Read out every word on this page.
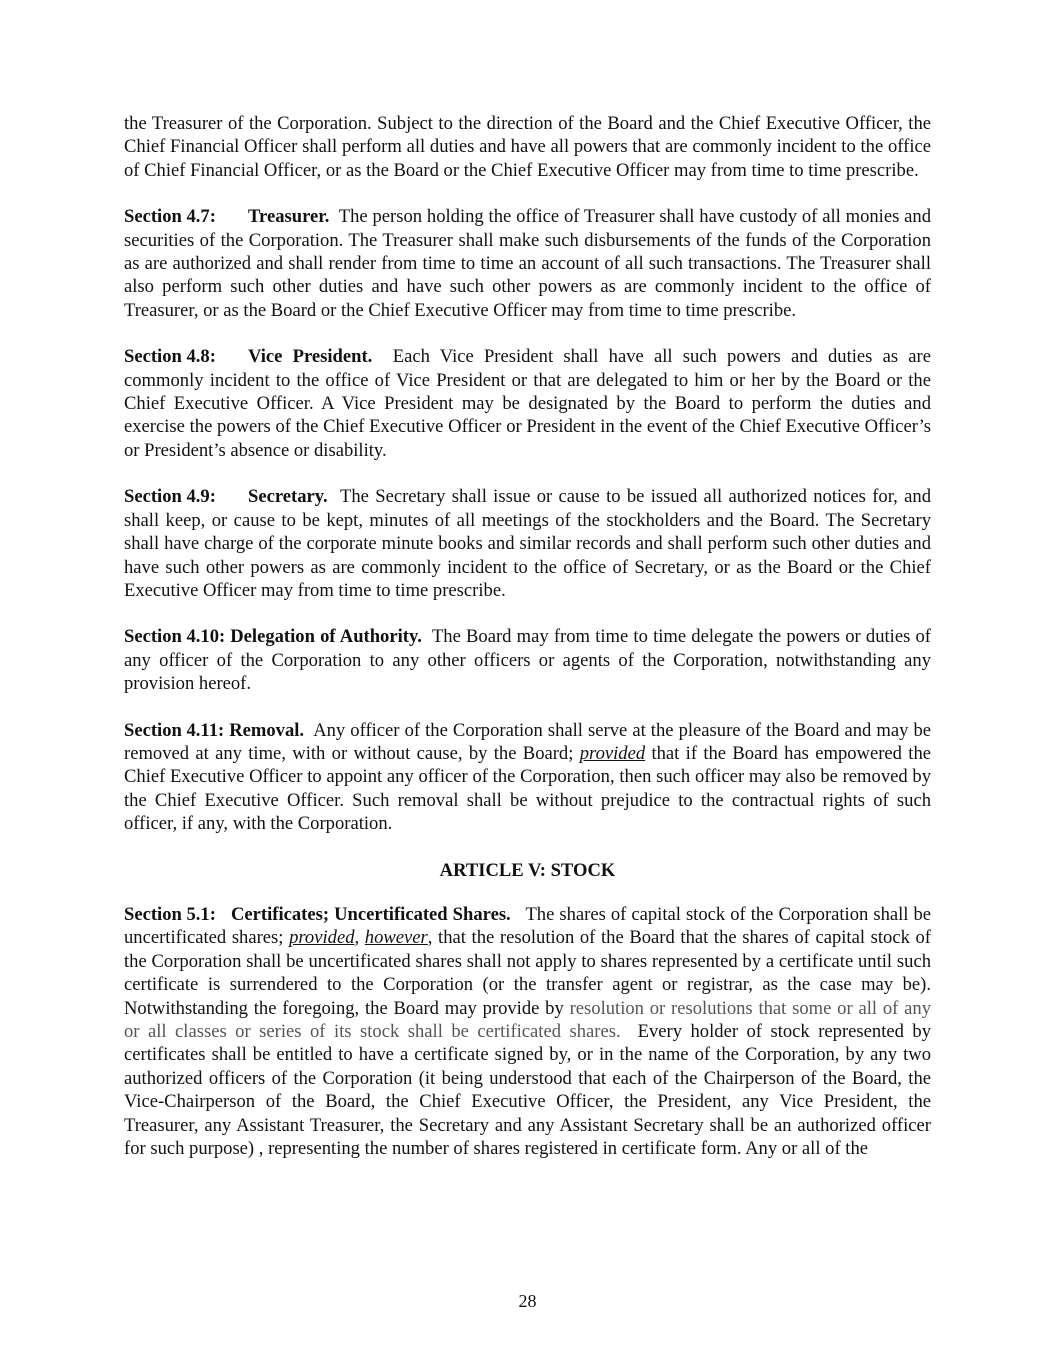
the Treasurer of the Corporation. Subject to the direction of the Board and the Chief Executive Officer, the Chief Financial Officer shall perform all duties and have all powers that are commonly incident to the office of Chief Financial Officer, or as the Board or the Chief Executive Officer may from time to time prescribe.

Section 4.7: Treasurer. The person holding the office of Treasurer shall have custody of all monies and securities of the Corporation. The Treasurer shall make such disbursements of the funds of the Corporation as are authorized and shall render from time to time an account of all such transactions. The Treasurer shall also perform such other duties and have such other powers as are commonly incident to the office of Treasurer, or as the Board or the Chief Executive Officer may from time to time prescribe.

Section 4.8: Vice President. Each Vice President shall have all such powers and duties as are commonly incident to the office of Vice President or that are delegated to him or her by the Board or the Chief Executive Officer. A Vice President may be designated by the Board to perform the duties and exercise the powers of the Chief Executive Officer or President in the event of the Chief Executive Officer’s or President’s absence or disability.

Section 4.9: Secretary. The Secretary shall issue or cause to be issued all authorized notices for, and shall keep, or cause to be kept, minutes of all meetings of the stockholders and the Board. The Secretary shall have charge of the corporate minute books and similar records and shall perform such other duties and have such other powers as are commonly incident to the office of Secretary, or as the Board or the Chief Executive Officer may from time to time prescribe.

Section 4.10: Delegation of Authority. The Board may from time to time delegate the powers or duties of any officer of the Corporation to any other officers or agents of the Corporation, notwithstanding any provision hereof.

Section 4.11: Removal. Any officer of the Corporation shall serve at the pleasure of the Board and may be removed at any time, with or without cause, by the Board; provided that if the Board has empowered the Chief Executive Officer to appoint any officer of the Corporation, then such officer may also be removed by the Chief Executive Officer. Such removal shall be without prejudice to the contractual rights of such officer, if any, with the Corporation.

ARTICLE V: STOCK

Section 5.1: Certificates; Uncertificated Shares. The shares of capital stock of the Corporation shall be uncertificated shares; provided, however, that the resolution of the Board that the shares of capital stock of the Corporation shall be uncertificated shares shall not apply to shares represented by a certificate until such certificate is surrendered to the Corporation (or the transfer agent or registrar, as the case may be). Notwithstanding the foregoing, the Board may provide by resolution or resolutions that some or all of any or all classes or series of its stock shall be certificated shares. Every holder of stock represented by certificates shall be entitled to have a certificate signed by, or in the name of the Corporation, by any two authorized officers of the Corporation (it being understood that each of the Chairperson of the Board, the Vice-Chairperson of the Board, the Chief Executive Officer, the President, any Vice President, the Treasurer, any Assistant Treasurer, the Secretary and any Assistant Secretary shall be an authorized officer for such purpose) , representing the number of shares registered in certificate form. Any or all of the

28
